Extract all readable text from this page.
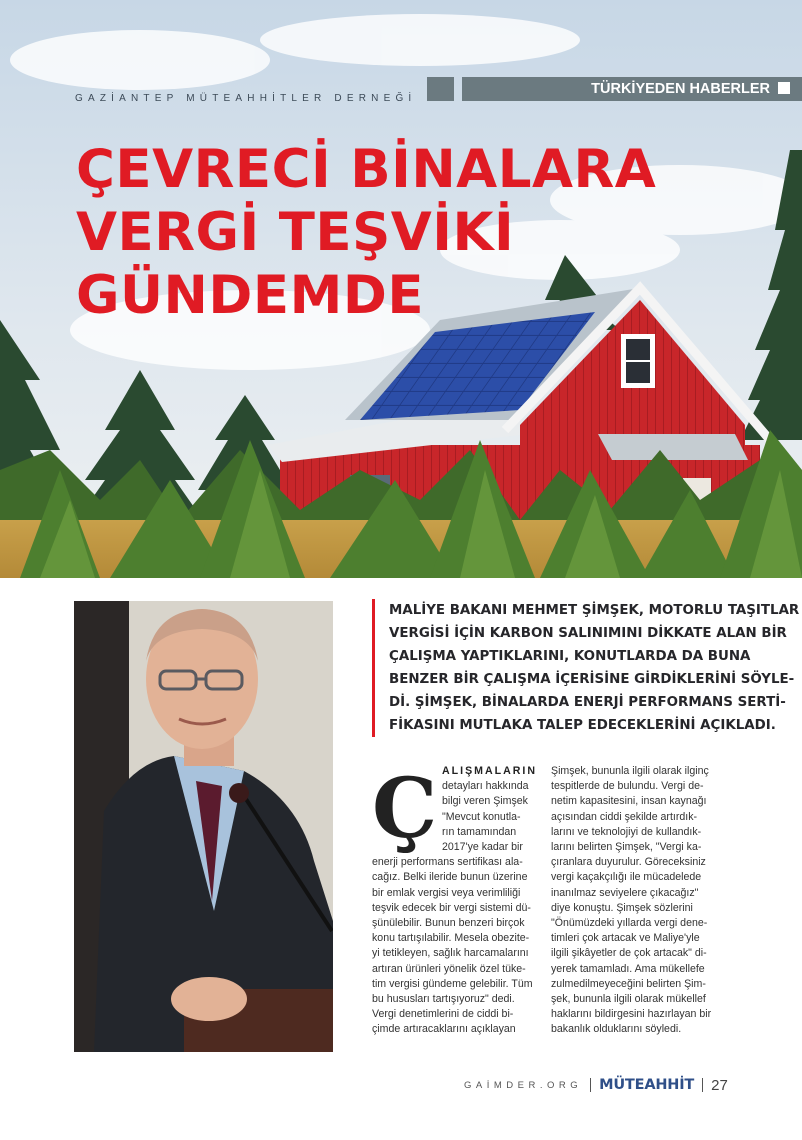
GAZİANTEP MÜTEAHHİTLER DERNEĞİ
TÜRKİYEDEN HABERLER
ÇEVRECİ BİNALARA
VERGİ TEŞVİKİ
GÜNDEMDE

MALİYE BAKANI MEHMET ŞİMŞEK, MOTORLU TAŞITLAR
VERGİSİ İÇİN KARBON SALINIMINI DİKKATE ALAN BİR
ÇALIŞMA YAPTIKLARINI, KONUTLARDA DA BUNA
BENZER BİR ÇALIŞMA İÇERİSİNE GİRDİKLERİNİ SÖYLE-
Dİ. ŞİMŞEK, BİNALARDA ENERJİ PERFORMANS SERTİ-
FİKASINI MUTLAKA TALEP EDECEKLERİNİ AÇIKLADI.

Ç ALIŞMALARIN
detayları hakkında
bilgi veren Şimşek
"Mevcut konutla-
rın tamamından
2017'ye kadar bir
enerji performans sertifikası ala-
cağız. Belki ileride bunun üzerine
bir emlak vergisi veya verimliliği
teşvik edecek bir vergi sistemi dü-
şünülebilir. Bunun benzeri birçok
konu tartışılabilir. Mesela obezite-
yi tetikleyen, sağlık harcamalarını
artıran ürünleri yönelik özel tüke-
tim vergisi gündeme gelebilir. Tüm
bu hususları tartışıyoruz" dedi.
Vergi denetimlerini de ciddi bi-
çimde artıracaklarını açıklayan
Şimşek, bununla ilgili olarak ilginç
tespitlerde de bulundu. Vergi de-
netim kapasitesini, insan kaynağı
açısından ciddi şekilde artırdık-
larını ve teknolojiyi de kullandık-
larını belirten Şimşek, "Vergi ka-
çıranlara duyurulur. Göreceksiniz
vergi kaçakçılığı ile mücadelede
inanılmaz seviyelere çıkacağız"
diye konuştu. Şimşek sözlerini
"Önümüzdeki yıllarda vergi dene-
timleri çok artacak ve Maliye'yle
ilgili şikâyetler de çok artacak" di-
yerek tamamladı. Ama mükellefe
zulmedilmeyeceğini belirten Şim-
şek, bununla ilgili olarak mükellef
haklarını bildirgesini hazırlayan bir
bakanlık olduklarını söyledi.
GAİMDER.ORG MÜTEAHHİT 27
